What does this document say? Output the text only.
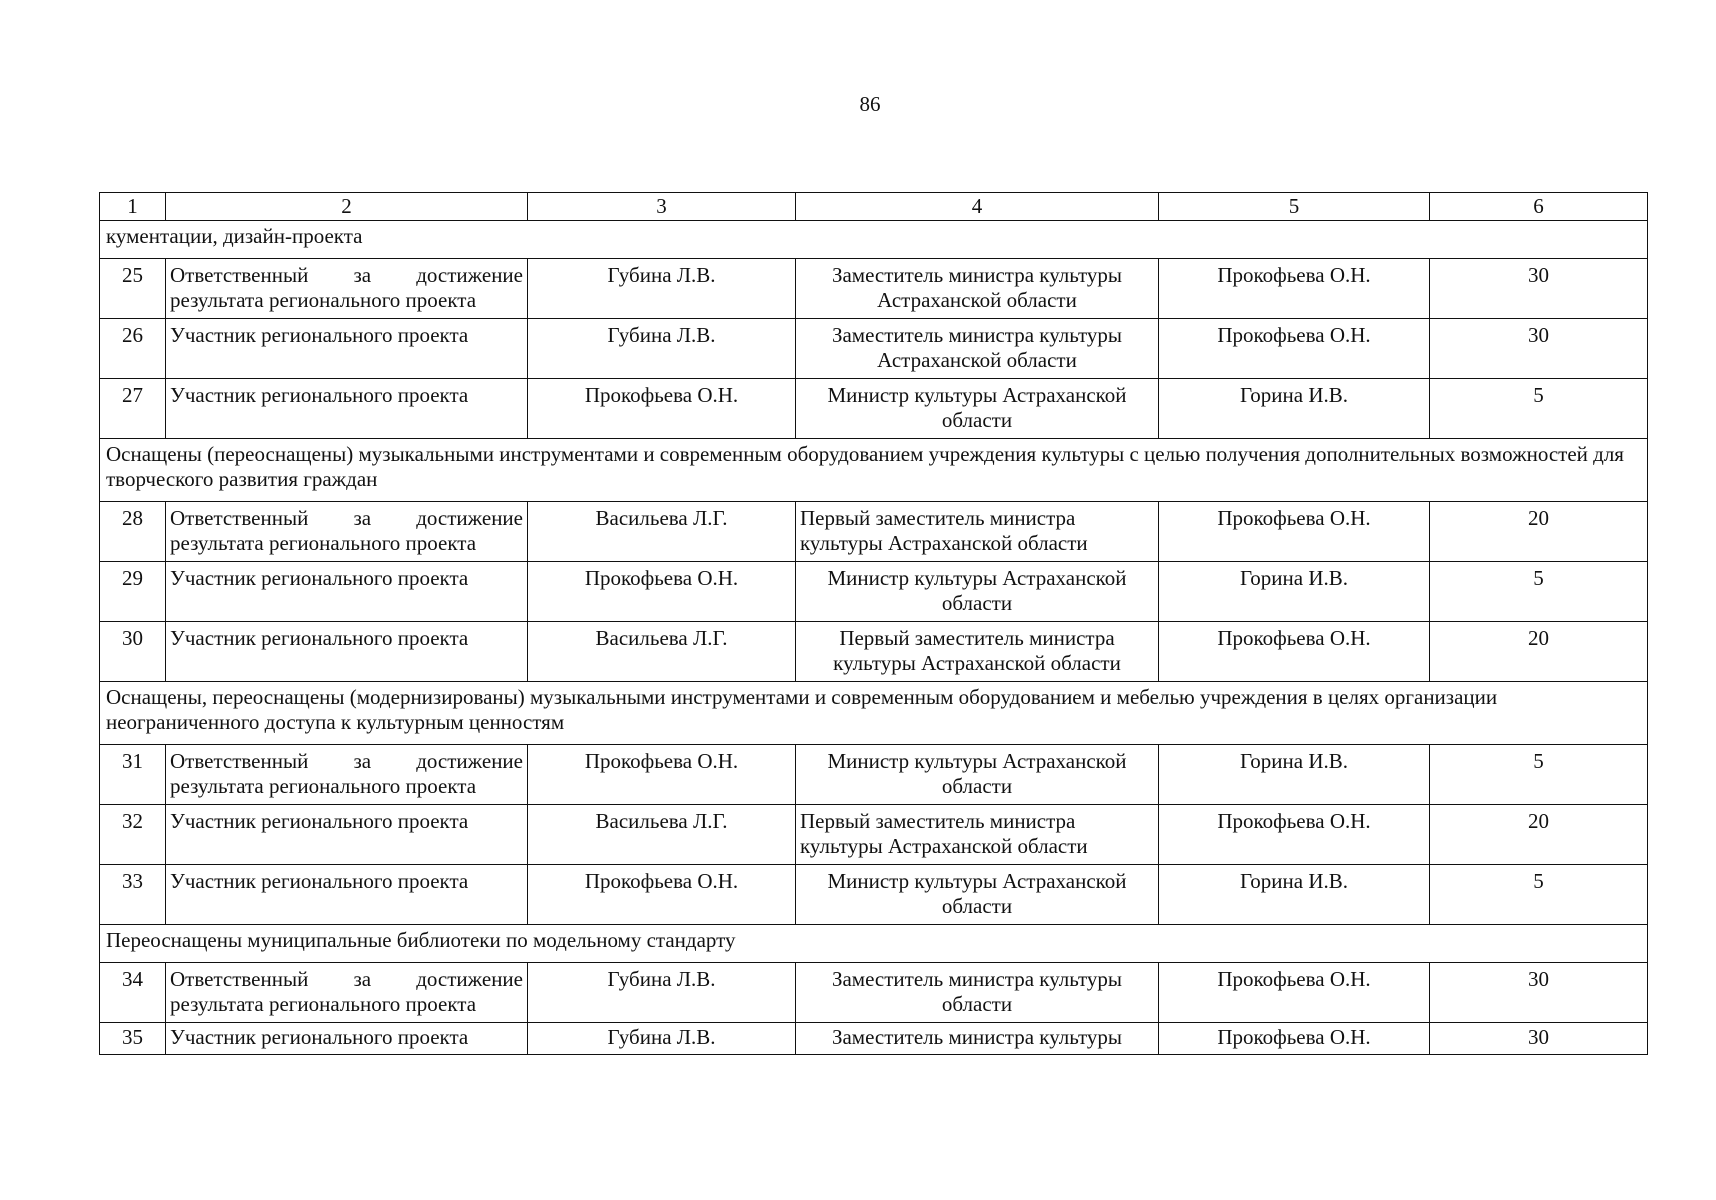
86
1	2	3	4	5	6
кументации, дизайн-проекта					
25	Ответственный за достижение результата регионального проекта	Губина Л.В.	Заместитель министра культуры Астраханской области	Прокофьева О.Н.	30
26	Участник регионального проекта	Губина Л.В.	Заместитель министра культуры Астраханской области	Прокофьева О.Н.	30
27	Участник регионального проекта	Прокофьева О.Н.	Министр культуры Астраханской области	Горина И.В.	5
Оснащены (переоснащены) музыкальными инструментами и современным оборудованием учреждения культуры с целью получения дополнительных возможностей для творческого развития граждан					
28	Ответственный за достижение результата регионального проекта	Васильева Л.Г.	Первый заместитель министра культуры Астраханской области	Прокофьева О.Н.	20
29	Участник регионального проекта	Прокофьева О.Н.	Министр культуры Астраханской области	Горина И.В.	5
30	Участник регионального проекта	Васильева Л.Г.	Первый заместитель министра культуры Астраханской области	Прокофьева О.Н.	20
Оснащены, переоснащены (модернизированы) музыкальными инструментами и современным оборудованием и мебелью учреждения в целях организации неограниченного доступа к культурным ценностям					
31	Ответственный за достижение результата регионального проекта	Прокофьева О.Н.	Министр культуры Астраханской области	Горина И.В.	5
32	Участник регионального проекта	Васильева Л.Г.	Первый заместитель министра культуры Астраханской области	Прокофьева О.Н.	20
33	Участник регионального проекта	Прокофьева О.Н.	Министр культуры Астраханской области	Горина И.В.	5
Переоснащены муниципальные библиотеки по модельному стандарту					
34	Ответственный за достижение результата регионального проекта	Губина Л.В.	Заместитель министра культуры области	Прокофьева О.Н.	30
35	Участник регионального проекта	Губина Л.В.	Заместитель министра культуры	Прокофьева О.Н.	30
